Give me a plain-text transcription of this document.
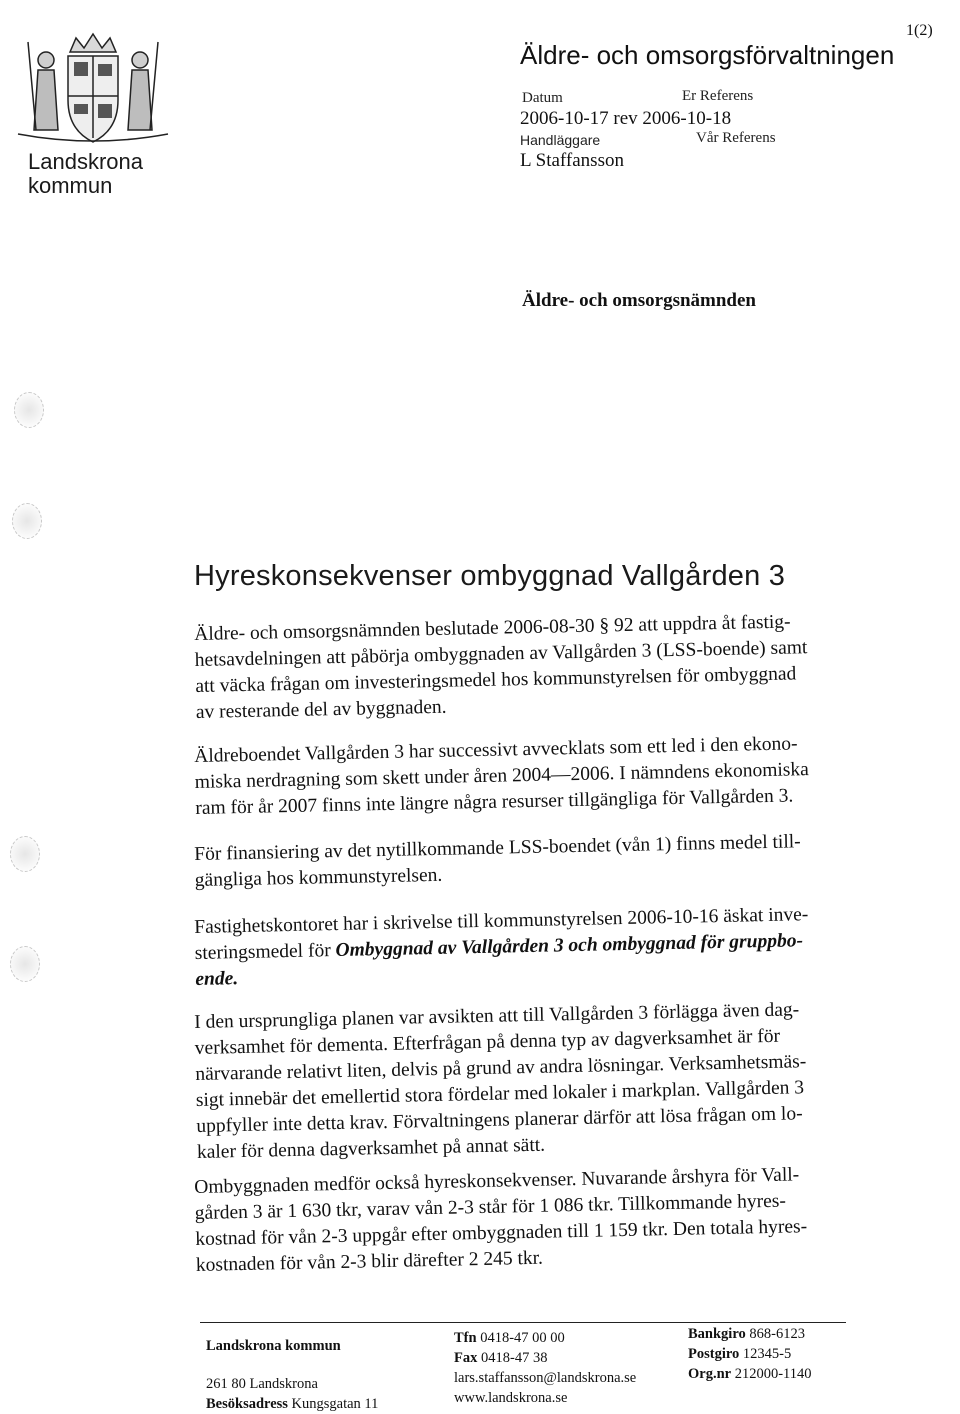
1(2)
Landskrona
kommun
Äldre- och omsorgsförvaltningen
Datum	Er Referens
2006-10-17 rev 2006-10-18
Handläggare	Vår Referens
L Staffansson
Äldre- och omsorgsnämnden
Hyreskonsekvenser ombyggnad Vallgården 3
Äldre- och omsorgsnämnden beslutade 2006-08-30 § 92 att uppdra åt fastig-
hetsavdelningen att påbörja ombyggnaden av Vallgården 3 (LSS-boende) samt
att väcka frågan om investeringsmedel hos kommunstyrelsen för ombyggnad
av resterande del av byggnaden.
Äldreboendet Vallgården 3 har successivt avvecklats som ett led i den ekono-
miska nerdragning som skett under åren 2004—2006. I nämndens ekonomiska
ram för år 2007 finns inte längre några resurser tillgängliga för Vallgården 3.
För finansiering av det nytillkommande LSS-boendet (vån 1) finns medel till-
gängliga hos kommunstyrelsen.
Fastighetskontoret har i skrivelse till kommunstyrelsen 2006-10-16 äskat inve-
steringsmedel för Ombyggnad av Vallgården 3 och ombyggnad för gruppbo-
ende.
I den ursprungliga planen var avsikten att till Vallgården 3 förlägga även dag-
verksamhet för dementa. Efterfrågan på denna typ av dagverksamhet är för
närvarande relativt liten, delvis på grund av andra lösningar. Verksamhetsmäs-
sigt innebär det emellertid stora fördelar med lokaler i markplan. Vallgården 3
uppfyller inte detta krav. Förvaltningens planerar därför att lösa frågan om lo-
kaler för denna dagverksamhet på annat sätt.
Ombyggnaden medför också hyreskonsekvenser. Nuvarande årshyra för Vall-
gården 3 är 1 630 tkr, varav vån 2-3 står för 1 086 tkr. Tillkommande hyres-
kostnad för vån 2-3 uppgår efter ombyggnaden till 1 159 tkr. Den totala hyres-
kostnaden för vån 2-3 blir därefter 2 245 tkr.
Landskrona kommun
261 80 Landskrona
Besöksadress Kungsgatan 11
Tfn 0418-47 00 00
Fax 0418-47 38
lars.staffansson@landskrona.se
www.landskrona.se
Bankgiro 868-6123
Postgiro 12345-5
Org.nr 212000-1140
